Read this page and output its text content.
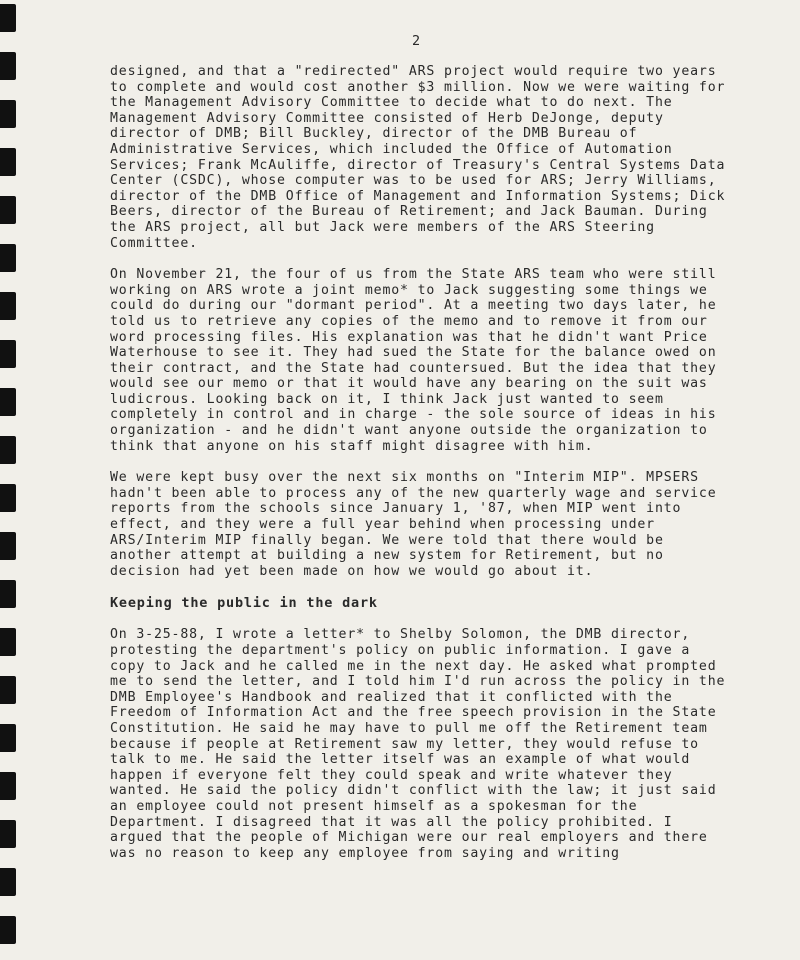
2

designed, and that a "redirected" ARS project would require two years to complete and would cost another $3 million. Now we were waiting for the Management Advisory Committee to decide what to do next. The Management Advisory Committee consisted of Herb DeJonge, deputy director of DMB; Bill Buckley, director of the DMB Bureau of Administrative Services, which included the Office of Automation Services; Frank McAuliffe, director of Treasury's Central Systems Data Center (CSDC), whose computer was to be used for ARS; Jerry Williams, director of the DMB Office of Management and Information Systems; Dick Beers, director of the Bureau of Retirement; and Jack Bauman. During the ARS project, all but Jack were members of the ARS Steering Committee.

On November 21, the four of us from the State ARS team who were still working on ARS wrote a joint memo* to Jack suggesting some things we could do during our "dormant period". At a meeting two days later, he told us to retrieve any copies of the memo and to remove it from our word processing files. His explanation was that he didn't want Price Waterhouse to see it. They had sued the State for the balance owed on their contract, and the State had countersued. But the idea that they would see our memo or that it would have any bearing on the suit was ludicrous. Looking back on it, I think Jack just wanted to seem completely in control and in charge - the sole source of ideas in his organization - and he didn't want anyone outside the organization to think that anyone on his staff might disagree with him.

We were kept busy over the next six months on "Interim MIP". MPSERS hadn't been able to process any of the new quarterly wage and service reports from the schools since January 1, '87, when MIP went into effect, and they were a full year behind when processing under ARS/Interim MIP finally began. We were told that there would be another attempt at building a new system for Retirement, but no decision had yet been made on how we would go about it.

Keeping the public in the dark

On 3-25-88, I wrote a letter* to Shelby Solomon, the DMB director, protesting the department's policy on public information. I gave a copy to Jack and he called me in the next day. He asked what prompted me to send the letter, and I told him I'd run across the policy in the DMB Employee's Handbook and realized that it conflicted with the Freedom of Information Act and the free speech provision in the State Constitution. He said he may have to pull me off the Retirement team because if people at Retirement saw my letter, they would refuse to talk to me. He said the letter itself was an example of what would happen if everyone felt they could speak and write whatever they wanted. He said the policy didn't conflict with the law; it just said an employee could not present himself as a spokesman for the Department. I disagreed that it was all the policy prohibited. I argued that the people of Michigan were our real employers and there was no reason to keep any employee from saying and writing
